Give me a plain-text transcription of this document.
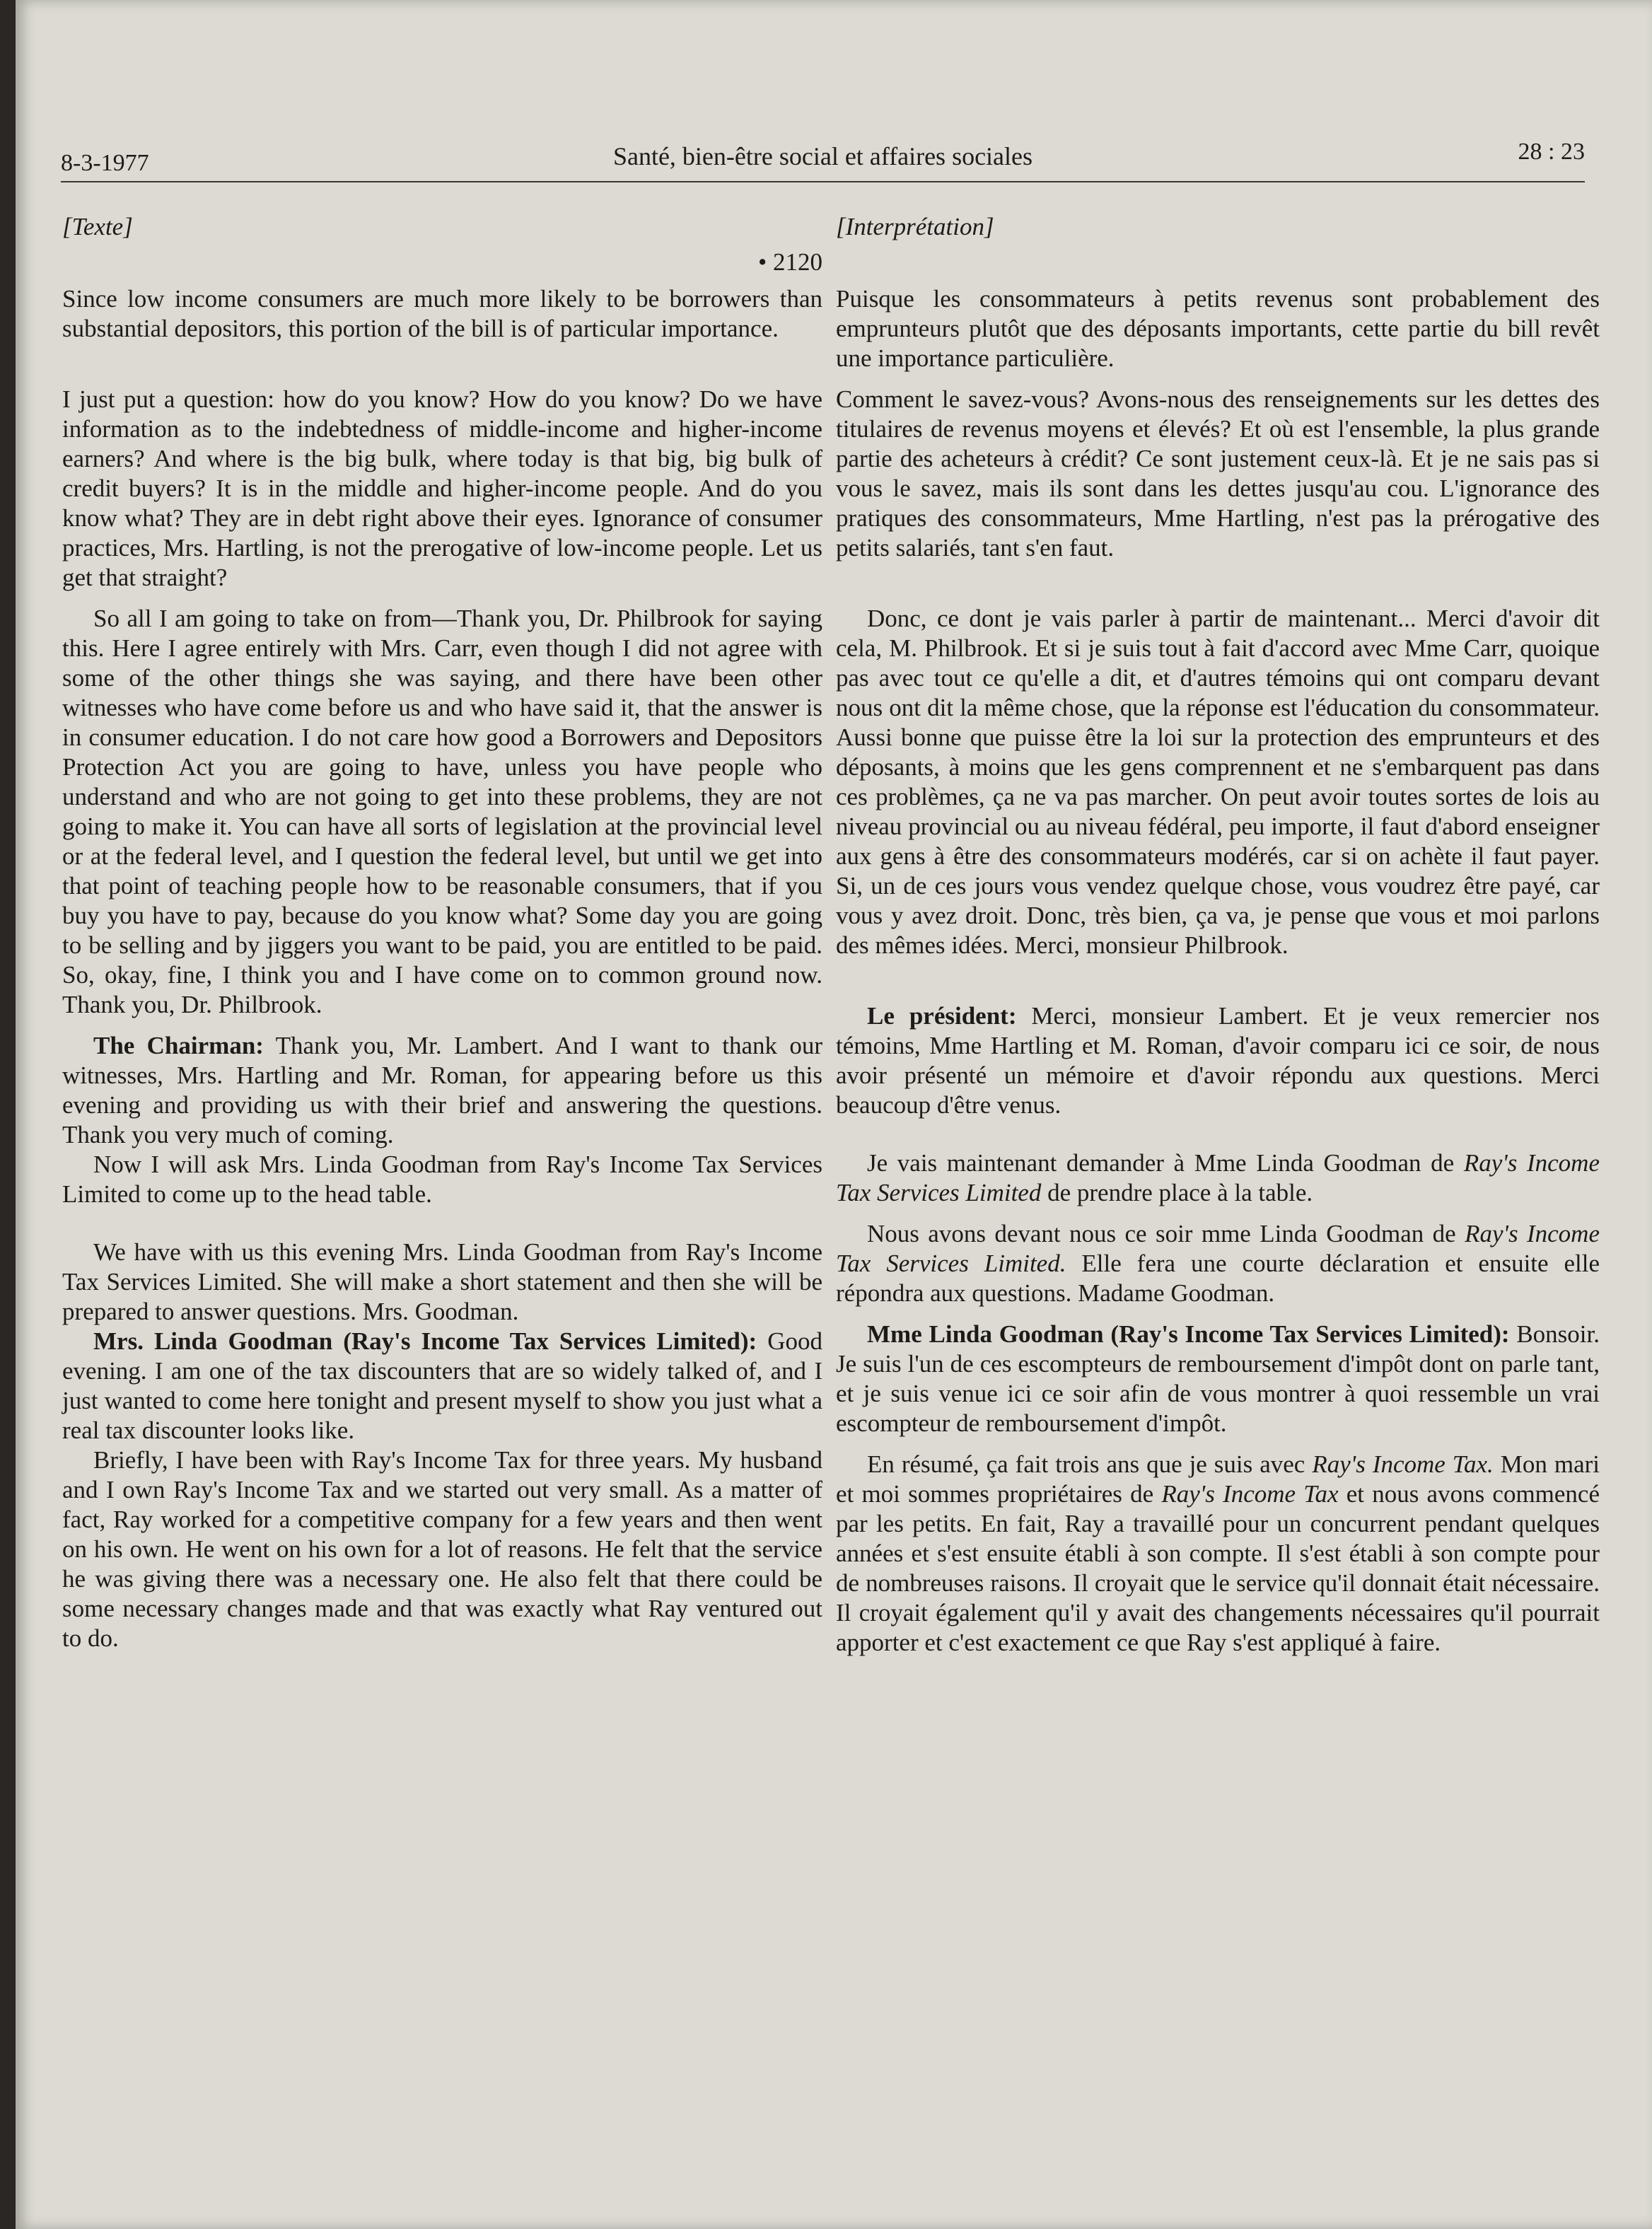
8-3-1977	Santé, bien-être social et affaires sociales	28 : 23
[Texte]
• 2120

Since low income consumers are much more likely to be borrowers than substantial depositors, this portion of the bill is of particular importance.

I just put a question: how do you know? How do you know? Do we have information as to the indebtedness of middle-income and higher-income earners? And where is the big bulk, where today is that big, big bulk of credit buyers? It is in the middle and higher-income people. And do you know what? They are in debt right above their eyes. Ignorance of consumer practices, Mrs. Hartling, is not the prerogative of low-income people. Let us get that straight?

So all I am going to take on from—Thank you, Dr. Philbrook for saying this. Here I agree entirely with Mrs. Carr, even though I did not agree with some of the other things she was saying, and there have been other witnesses who have come before us and who have said it, that the answer is in consumer education. I do not care how good a Borrowers and Depositors Protection Act you are going to have, unless you have people who understand and who are not going to get into these problems, they are not going to make it. You can have all sorts of legislation at the provincial level or at the federal level, and I question the federal level, but until we get into that point of teaching people how to be reasonable consumers, that if you buy you have to pay, because do you know what? Some day you are going to be selling and by jiggers you want to be paid, you are entitled to be paid. So, okay, fine, I think you and I have come on to common ground now. Thank you, Dr. Philbrook.

The Chairman: Thank you, Mr. Lambert. And I want to thank our witnesses, Mrs. Hartling and Mr. Roman, for appearing before us this evening and providing us with their brief and answering the questions. Thank you very much of coming.

Now I will ask Mrs. Linda Goodman from Ray's Income Tax Services Limited to come up to the head table.

We have with us this evening Mrs. Linda Goodman from Ray's Income Tax Services Limited. She will make a short statement and then she will be prepared to answer questions. Mrs. Goodman.

Mrs. Linda Goodman (Ray's Income Tax Services Limited): Good evening. I am one of the tax discounters that are so widely talked of, and I just wanted to come here tonight and present myself to show you just what a real tax discounter looks like.

Briefly, I have been with Ray's Income Tax for three years. My husband and I own Ray's Income Tax and we started out very small. As a matter of fact, Ray worked for a competitive company for a few years and then went on his own. He went on his own for a lot of reasons. He felt that the service he was giving there was a necessary one. He also felt that there could be some necessary changes made and that was exactly what Ray ventured out to do.

[Interprétation]

Puisque les consommateurs à petits revenus sont probablement des emprunteurs plutôt que des déposants importants, cette partie du bill revêt une importance particulière.

Comment le savez-vous? Avons-nous des renseignements sur les dettes des titulaires de revenus moyens et élevés? Et où est l'ensemble, la plus grande partie des acheteurs à crédit? Ce sont justement ceux-là. Et je ne sais pas si vous le savez, mais ils sont dans les dettes jusqu'au cou. L'ignorance des pratiques des consommateurs, Mme Hartling, n'est pas la prérogative des petits salariés, tant s'en faut.

Donc, ce dont je vais parler à partir de maintenant... Merci d'avoir dit cela, M. Philbrook. Et si je suis tout à fait d'accord avec Mme Carr, quoique pas avec tout ce qu'elle a dit, et d'autres témoins qui ont comparu devant nous ont dit la même chose, que la réponse est l'éducation du consommateur. Aussi bonne que puisse être la loi sur la protection des emprunteurs et des déposants, à moins que les gens comprennent et ne s'embarquent pas dans ces problèmes, ça ne va pas marcher. On peut avoir toutes sortes de lois au niveau provincial ou au niveau fédéral, peu importe, il faut d'abord enseigner aux gens à être des consommateurs modérés, car si on achète il faut payer. Si, un de ces jours vous vendez quelque chose, vous voudrez être payé, car vous y avez droit. Donc, très bien, ça va, je pense que vous et moi parlons des mêmes idées. Merci, monsieur Philbrook.

Le président: Merci, monsieur Lambert. Et je veux remercier nos témoins, Mme Hartling et M. Roman, d'avoir comparu ici ce soir, de nous avoir présenté un mémoire et d'avoir répondu aux questions. Merci beaucoup d'être venus.

Je vais maintenant demander à Mme Linda Goodman de Ray's Income Tax Services Limited de prendre place à la table.

Nous avons devant nous ce soir mme Linda Goodman de Ray's Income Tax Services Limited. Elle fera une courte déclaration et ensuite elle répondra aux questions. Madame Goodman.

Mme Linda Goodman (Ray's Income Tax Services Limited): Bonsoir. Je suis l'un de ces escompteurs de remboursement d'impôt dont on parle tant, et je suis venue ici ce soir afin de vous montrer à quoi ressemble un vrai escompteur de remboursement d'impôt.

En résumé, ça fait trois ans que je suis avec Ray's Income Tax. Mon mari et moi sommes propriétaires de Ray's Income Tax et nous avons commencé par les petits. En fait, Ray a travaillé pour un concurrent pendant quelques années et s'est ensuite établi à son compte. Il s'est établi à son compte pour de nombreuses raisons. Il croyait que le service qu'il donnait était nécessaire. Il croyait également qu'il y avait des changements nécessaires qu'il pourrait apporter et c'est exactement ce que Ray s'est appliqué à faire.
